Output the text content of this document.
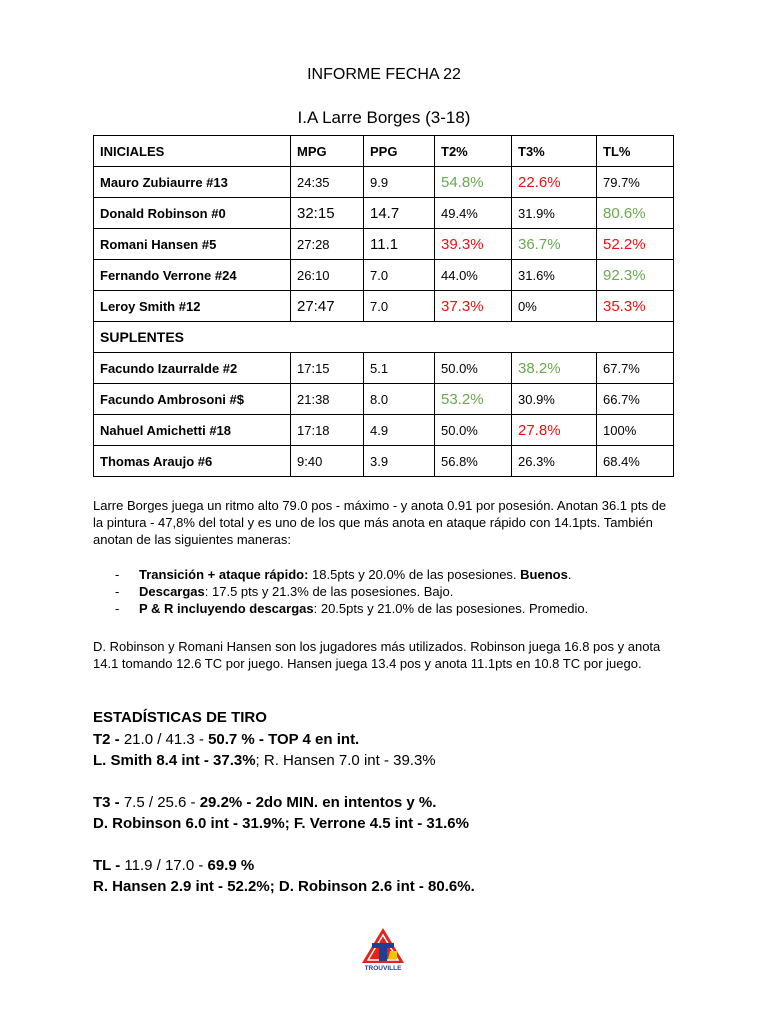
INFORME FECHA 22
I.A Larre Borges (3-18)
INICIALES	MPG	PPG	T2%	T3%	TL%
Mauro Zubiaurre #13	24:35	9.9	54.8%	22.6%	79.7%
Donald Robinson #0	32:15	14.7	49.4%	31.9%	80.6%
Romani Hansen #5	27:28	11.1	39.3%	36.7%	52.2%
Fernando Verrone #24	26:10	7.0	44.0%	31.6%	92.3%
Leroy Smith #12	27:47	7.0	37.3%	0%	35.3%
SUPLENTES					
Facundo Izaurralde #2	17:15	5.1	50.0%	38.2%	67.7%
Facundo Ambrosoni #$	21:38	8.0	53.2%	30.9%	66.7%
Nahuel Amichetti #18	17:18	4.9	50.0%	27.8%	100%
Thomas Araujo #6	9:40	3.9	56.8%	26.3%	68.4%
Larre Borges juega un ritmo alto 79.0 pos - máximo - y anota 0.91 por posesión. Anotan 36.1 pts de la pintura - 47,8% del total y es uno de los que más anota en ataque rápido con 14.1pts. También anotan de las siguientes maneras:
- Transición + ataque rápido: 18.5pts y 20.0% de las posesiones. Buenos.
- Descargas: 17.5 pts y 21.3% de las posesiones. Bajo.
- P & R incluyendo descargas: 20.5pts y 21.0% de las posesiones. Promedio.
D. Robinson y Romani Hansen son los jugadores más utilizados. Robinson juega 16.8 pos y anota 14.1 tomando 12.6 TC por juego. Hansen juega 13.4 pos y anota 11.1pts en 10.8 TC por juego.
ESTADÍSTICAS DE TIRO
T2 - 21.0 / 41.3 - 50.7 % - TOP 4 en int.
L. Smith 8.4 int - 37.3%; R. Hansen 7.0 int - 39.3%
T3 - 7.5 / 25.6 - 29.2% - 2do MIN. en intentos y %.
D. Robinson 6.0 int - 31.9%; F. Verrone 4.5 int - 31.6%
TL - 11.9 / 17.0 - 69.9 %
R. Hansen 2.9 int - 52.2%; D. Robinson 2.6 int - 80.6%.
TROUVILLE
